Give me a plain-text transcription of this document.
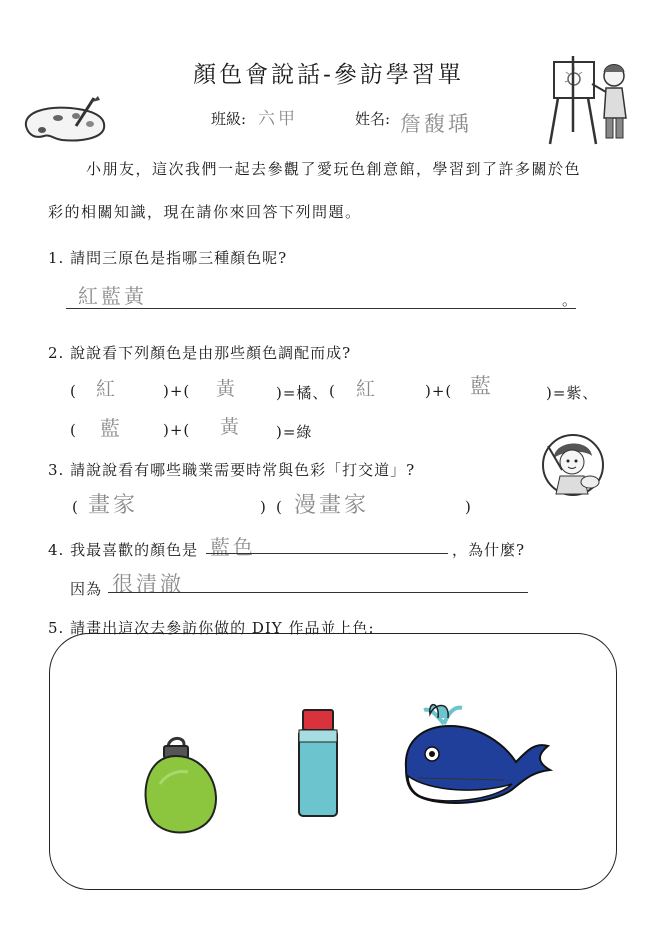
顏色會說話-參訪學習單
班級: 六甲	姓名: 詹馥瑀
小朋友，這次我們一起去參觀了愛玩色創意館，學習到了許多關於色
彩的相關知識，現在請你來回答下列問題。
1. 請問三原色是指哪三種顏色呢?
紅藍黃	。
2. 說說看下列顏色是由那些顏色調配而成?
( 紅	)+( 黃	)=橘、 ( 紅	)+( 藍	)=紫、
( 藍	)+( 黃 )=綠
3. 請說說看有哪些職業需要時常與色彩「打交道」?
( 畫家	) ( 漫畫家	)
4. 我最喜歡的顏色是 藍色	，為什麼?
因為 很清澈
5. 請畫出這次去參訪你做的 DIY 作品並上色:
